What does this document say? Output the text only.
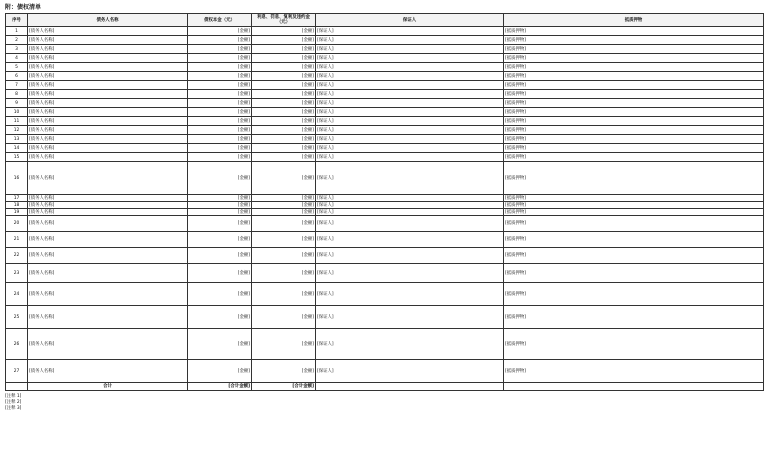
附：债权清单
序号	债务人名称	债权本金（元）	利息、罚息、复利及违约金（元）	保证人	抵质押物
1	[债务人名称]	[金额]	[金额]	[保证人]	[抵质押物]
2	[债务人名称]	[金额]	[金额]	[保证人]	[抵质押物]
3	[债务人名称]	[金额]	[金额]	[保证人]	[抵质押物]
4	[债务人名称]	[金额]	[金额]	[保证人]	[抵质押物]
5	[债务人名称]	[金额]	[金额]	[保证人]	[抵质押物]
6	[债务人名称]	[金额]	[金额]	[保证人]	[抵质押物]
7	[债务人名称]	[金额]	[金额]	[保证人]	[抵质押物]
8	[债务人名称]	[金额]	[金额]	[保证人]	[抵质押物]
9	[债务人名称]	[金额]	[金额]	[保证人]	[抵质押物]
10	[债务人名称]	[金额]	[金额]	[保证人]	[抵质押物]
11	[债务人名称]	[金额]	[金额]	[保证人]	[抵质押物]
12	[债务人名称]	[金额]	[金额]	[保证人]	[抵质押物]
13	[债务人名称]	[金额]	[金额]	[保证人]	[抵质押物]
14	[债务人名称]	[金额]	[金额]	[保证人]	[抵质押物]
15	[债务人名称]	[金额]	[金额]	[保证人]	[抵质押物]
16	[债务人名称]	[金额]	[金额]	[保证人]	[抵质押物]
17	[债务人名称]	[金额]	[金额]	[保证人]	[抵质押物]
18	[债务人名称]	[金额]	[金额]	[保证人]	[抵质押物]
19	[债务人名称]	[金额]	[金额]	[保证人]	[抵质押物]
20	[债务人名称]	[金额]	[金额]	[保证人]	[抵质押物]
21	[债务人名称]	[金额]	[金额]	[保证人]	[抵质押物]
22	[债务人名称]	[金额]	[金额]	[保证人]	[抵质押物]
23	[债务人名称]	[金额]	[金额]	[保证人]	[抵质押物]
24	[债务人名称]	[金额]	[金额]	[保证人]	[抵质押物]
25	[债务人名称]	[金额]	[金额]	[保证人]	[抵质押物]
26	[债务人名称]	[金额]	[金额]	[保证人]	[抵质押物]
27	[债务人名称]	[金额]	[金额]	[保证人]	[抵质押物]
	合计	[合计金额]	[合计金额]		
[注释 1]
[注释 2]
[注释 3]
